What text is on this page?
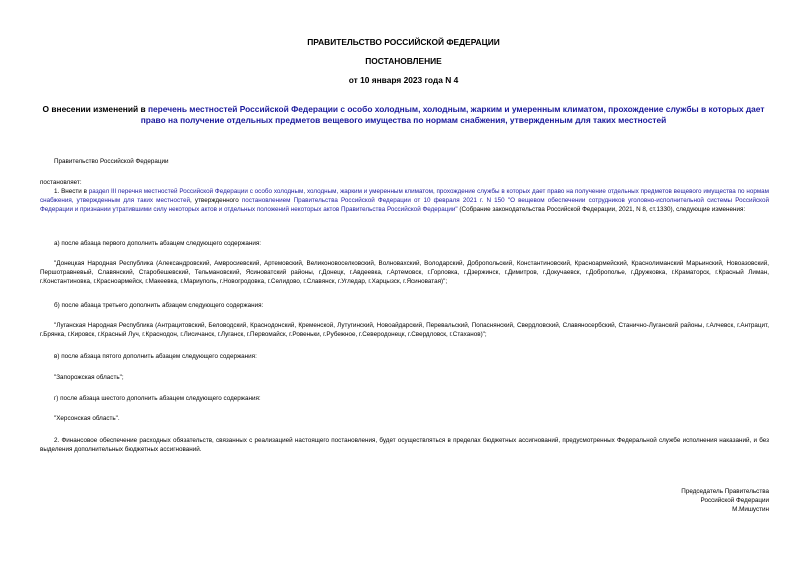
ПРАВИТЕЛЬСТВО РОССИЙСКОЙ ФЕДЕРАЦИИ
ПОСТАНОВЛЕНИЕ
от 10 января 2023 года N 4
О внесении изменений в перечень местностей Российской Федерации с особо холодным, холодным, жарким и умеренным климатом, прохождение службы в которых дает право на получение отдельных предметов вещевого имущества по нормам снабжения, утвержденным для таких местностей
Правительство Российской Федерации
постановляет:
1. Внести в раздел III перечня местностей Российской Федерации с особо холодным, холодным, жарким и умеренным климатом, прохождение службы в которых дает право на получение отдельных предметов вещевого имущества по нормам снабжения, утвержденным для таких местностей, утвержденного постановлением Правительства Российской Федерации от 10 февраля 2021 г. N 150 "О вещевом обеспечении сотрудников уголовно-исполнительной системы Российской Федерации и признании утратившими силу некоторых актов и отдельных положений некоторых актов Правительства Российской Федерации" (Собрание законодательства Российской Федерации, 2021, N 8, ст.1330), следующие изменения:
а) после абзаца первого дополнить абзацем следующего содержания:
"Донецкая Народная Республика (Александровский, Амвросиевский, Артемовский, Великоновоселковский, Волновахский, Володарский, Добропольский, Константиновский, Красноармейский, Краснолиманский Марьинский, Новоазовский, Першотравневый, Славянский, Старобешевский, Тельмановский, Ясиноватский районы, г.Донецк, г.Авдеевка, г.Артемовск, г.Горловка, г.Дзержинск, г.Димитров, г.Докучаевск, г.Доброполье, г.Дружковка, г.Краматорск, г.Красный Лиман, г.Константиновка, г.Красноармейск, г.Макеевка, г.Мариуполь, г.Новогродовка, г.Селидово, г.Славянск, г.Угледар, г.Харцызск, г.Ясиноватая)";
б) после абзаца третьего дополнить абзацем следующего содержания:
"Луганская Народная Республика (Антрацитовский, Беловодский, Краснодонский, Кременской, Лутугинский, Новоайдарский, Перевальский, Попаснянский, Свердловский, Славяносербский, Станично-Луганский районы, г.Алчевск, г.Антрацит, г.Брянка, г.Кировск, г.Красный Луч, г.Краснодон, г.Лисичанск, г.Луганск, г.Первомайск, г.Ровеньки, г.Рубежное, г.Северодонецк, г.Свердловск, г.Стаханов)";
в) после абзаца пятого дополнить абзацем следующего содержания:
"Запорожская область";
г) после абзаца шестого дополнить абзацем следующего содержания:
"Херсонская область".
2. Финансовое обеспечение расходных обязательств, связанных с реализацией настоящего постановления, будет осуществляться в пределах бюджетных ассигнований, предусмотренных Федеральной службе исполнения наказаний, и без выделения дополнительных бюджетных ассигнований.
Председатель Правительства
Российской Федерации
М.Мишустин
